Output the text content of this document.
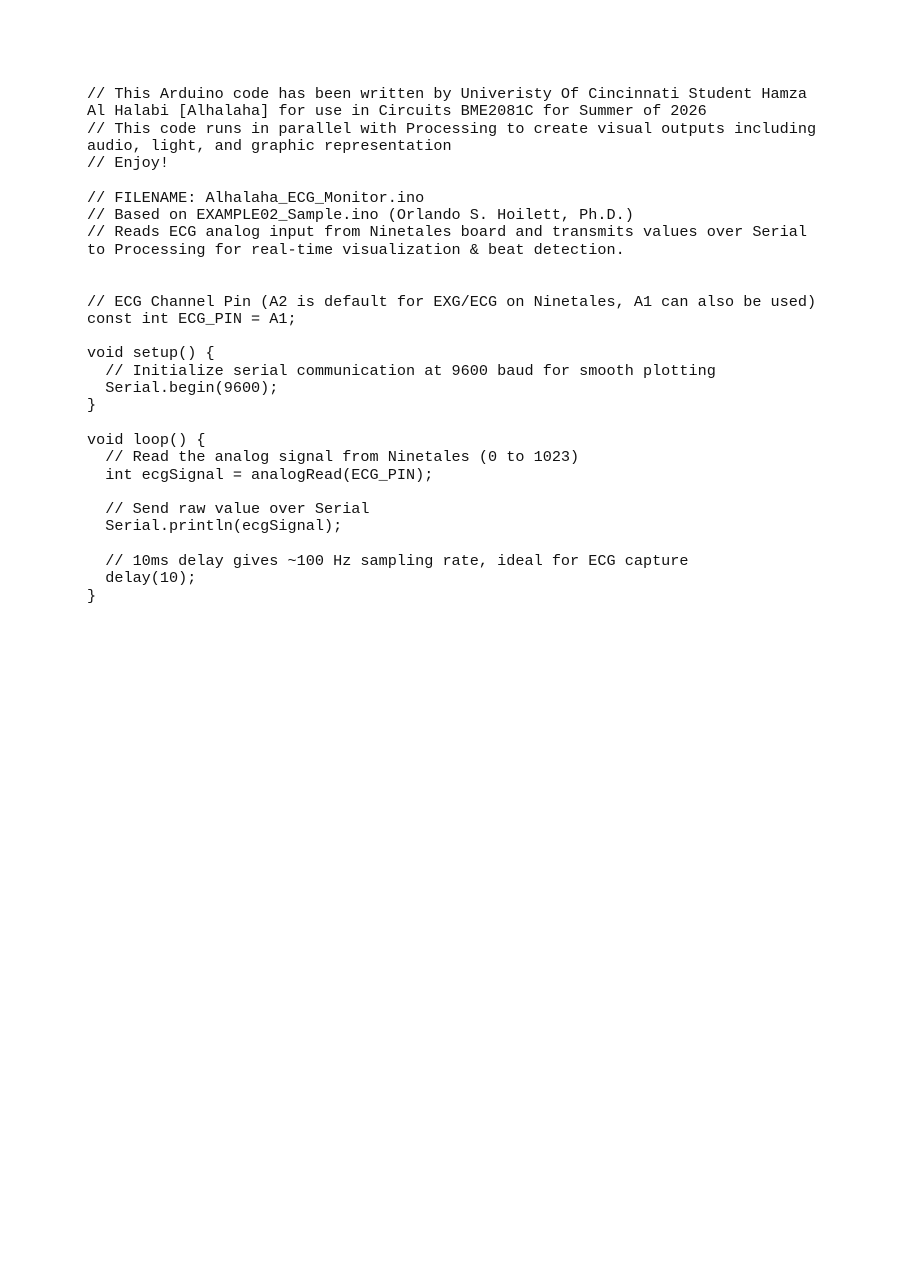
// This Arduino code has been written by Univeristy Of Cincinnati Student Hamza
Al Halabi [Alhalaha] for use in Circuits BME2081C for Summer of 2026
// This code runs in parallel with Processing to create visual outputs including
audio, light, and graphic representation
// Enjoy!
// FILENAME: Alhalaha_ECG_Monitor.ino
// Based on EXAMPLE02_Sample.ino (Orlando S. Hoilett, Ph.D.)
// Reads ECG analog input from Ninetales board and transmits values over Serial
to Processing for real-time visualization & beat detection.
// ECG Channel Pin (A2 is default for EXG/ECG on Ninetales, A1 can also be used)
const int ECG_PIN = A1;
void setup() {
// Initialize serial communication at 9600 baud for smooth plotting
Serial.begin(9600);
}
void loop() {
// Read the analog signal from Ninetales (0 to 1023)
int ecgSignal = analogRead(ECG_PIN);
// Send raw value over Serial
Serial.println(ecgSignal);
// 10ms delay gives ~100 Hz sampling rate, ideal for ECG capture
delay(10);
}
